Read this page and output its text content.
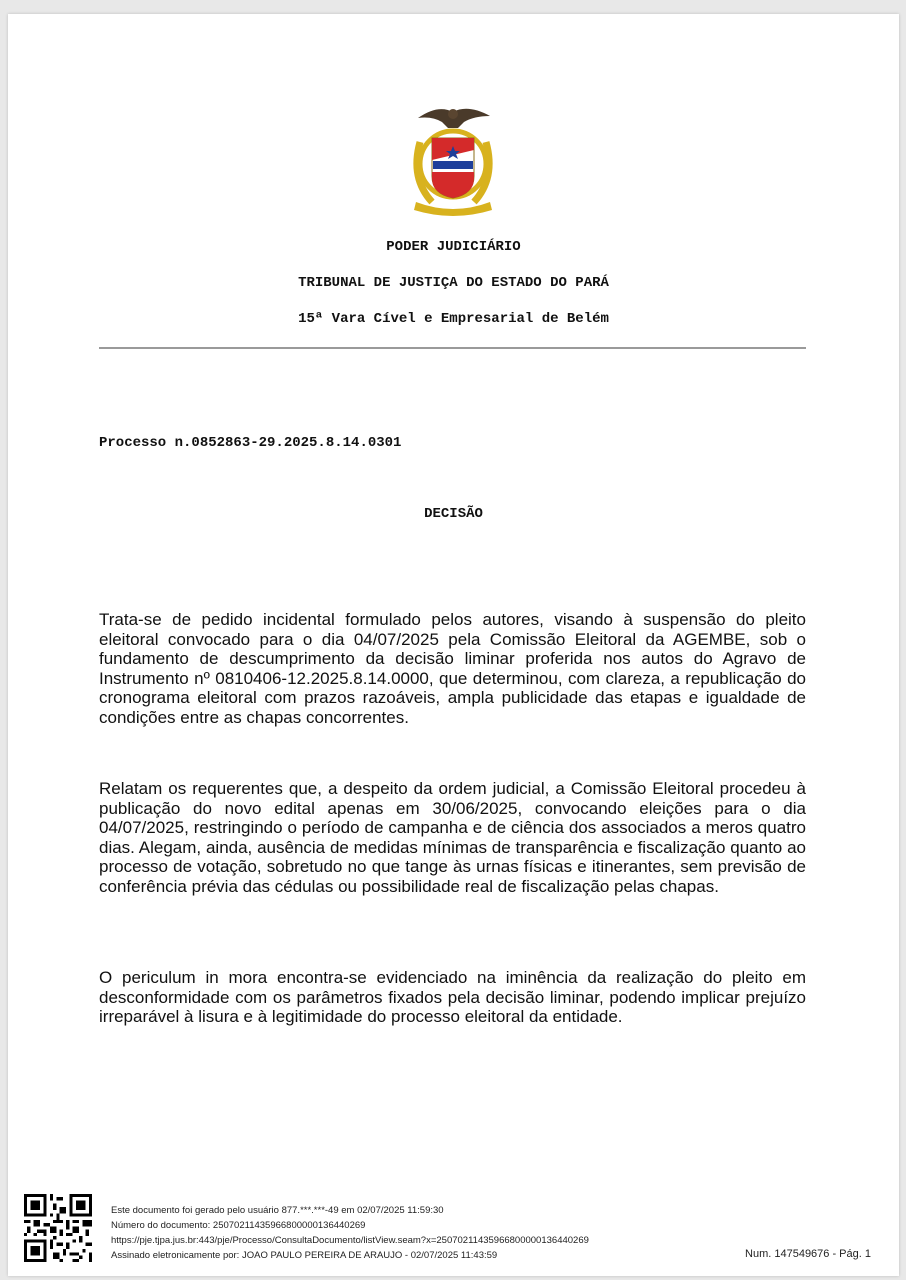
PODER JUDICIÁRIO
TRIBUNAL DE JUSTIÇA DO ESTADO DO PARÁ
15ª Vara Cível e Empresarial de Belém
Processo n.0852863-29.2025.8.14.0301
DECISÃO

Trata-se de pedido incidental formulado pelos autores, visando à suspensão do pleito eleitoral convocado para o dia 04/07/2025 pela Comissão Eleitoral da AGEMBE, sob o fundamento de descumprimento da decisão liminar proferida nos autos do Agravo de Instrumento nº 0810406-12.2025.8.14.0000, que determinou, com clareza, a republicação do cronograma eleitoral com prazos razoáveis, ampla publicidade das etapas e igualdade de condições entre as chapas concorrentes.

Relatam os requerentes que, a despeito da ordem judicial, a Comissão Eleitoral procedeu à publicação do novo edital apenas em 30/06/2025, convocando eleições para o dia 04/07/2025, restringindo o período de campanha e de ciência dos associados a meros quatro dias. Alegam, ainda, ausência de medidas mínimas de transparência e fiscalização quanto ao processo de votação, sobretudo no que tange às urnas físicas e itinerantes, sem previsão de conferência prévia das cédulas ou possibilidade real de fiscalização pelas chapas.

O periculum in mora encontra-se evidenciado na iminência da realização do pleito em desconformidade com os parâmetros fixados pela decisão liminar, podendo implicar prejuízo irreparável à lisura e à legitimidade do processo eleitoral da entidade.

Este documento foi gerado pelo usuário 877.***.***-49 em 02/07/2025 11:59:30
Número do documento: 25070211435966800000136440269
https://pje.tjpa.jus.br:443/pje/Processo/ConsultaDocumento/listView.seam?x=25070211435966800000136440269
Assinado eletronicamente por: JOAO PAULO PEREIRA DE ARAUJO - 02/07/2025 11:43:59	Num. 147549676 - Pág. 1
